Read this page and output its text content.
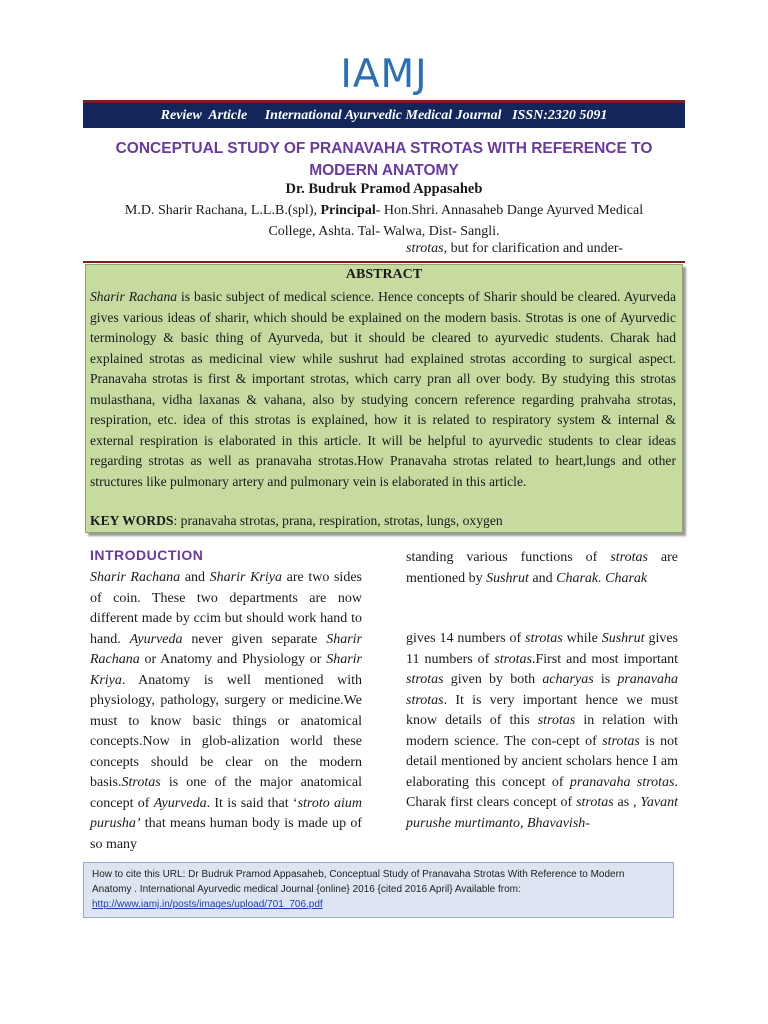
IAMJ
Review  Article     International Ayurvedic Medical Journal   ISSN:2320 5091
CONCEPTUAL STUDY OF PRANAVAHA STROTAS WITH REFERENCE TO MODERN ANATOMY
Dr. Budruk Pramod Appasaheb
M.D. Sharir Rachana, L.L.B.(spl), Principal- Hon.Shri. Annasaheb Dange Ayurved Medical College, Ashta. Tal- Walwa, Dist- Sangli.
strotas, but for clarification and under-
ABSTRACT
Sharir Rachana is basic subject of medical science. Hence concepts of Sharir should be cleared. Ayurveda gives various ideas of sharir, which should be explained on the modern basis. Strotas is one of Ayurvedic terminology & basic thing of Ayurveda, but it should be cleared to ayurvedic students. Charak had explained strotas as medicinal view while sushrut had explained strotas according to surgical aspect. Pranavaha strotas is first & important strotas, which carry pran all over body. By studying this strotas mulasthana, vidha laxanas & vahana, also by studying concern reference regarding prahvaha strotas, respiration, etc. idea of this strotas is explained, how it is related to respiratory system & internal & external respiration is elaborated in this article. It will be helpful to ayurvedic students to clear ideas regarding strotas as well as pranavaha strotas.How Pranavaha strotas related to heart,lungs and other structures like pulmonary artery and pulmonary vein is elaborated in this article.
KEY WORDS: pranavaha strotas, prana, respiration, strotas, lungs, oxygen
INTRODUCTION
Sharir Rachana and Sharir Kriya are two sides of coin. These two departments are now different made by ccim but should work hand to hand. Ayurveda never given separate Sharir Rachana or Anatomy and Physiology or Sharir Kriya. Anatomy is well mentioned with physiology, pathology, surgery or medicine.We must to know basic things or anatomical concepts.Now in glob-alization world these concepts should be clear on the modern basis.Strotas is one of the major anatomical concept of Ayurveda. It is said that ‘stroto aium purusha’ that means human body is made up of so many
standing various functions of strotas are mentioned by Sushrut and Charak. Charak
gives 14 numbers of strotas while Sushrut gives 11 numbers of strotas.First and most important strotas given by both acharyas is pranavaha strotas. It is very important hence we must know details of this strotas in relation with modern science. The con-cept of strotas is not detail mentioned by ancient scholars hence I am elaborating this concept of pranavaha strotas. Charak first clears concept of strotas as , Yavant purushe murtimanto, Bhavavish-
How to cite this URL: Dr Budruk Pramod Appasaheb, Conceptual Study of Pranavaha Strotas With Reference to Modern Anatomy . International Ayurvedic medical Journal {online} 2016 {cited 2016 April} Available from:
http://www.iamj.in/posts/images/upload/701_706.pdf
